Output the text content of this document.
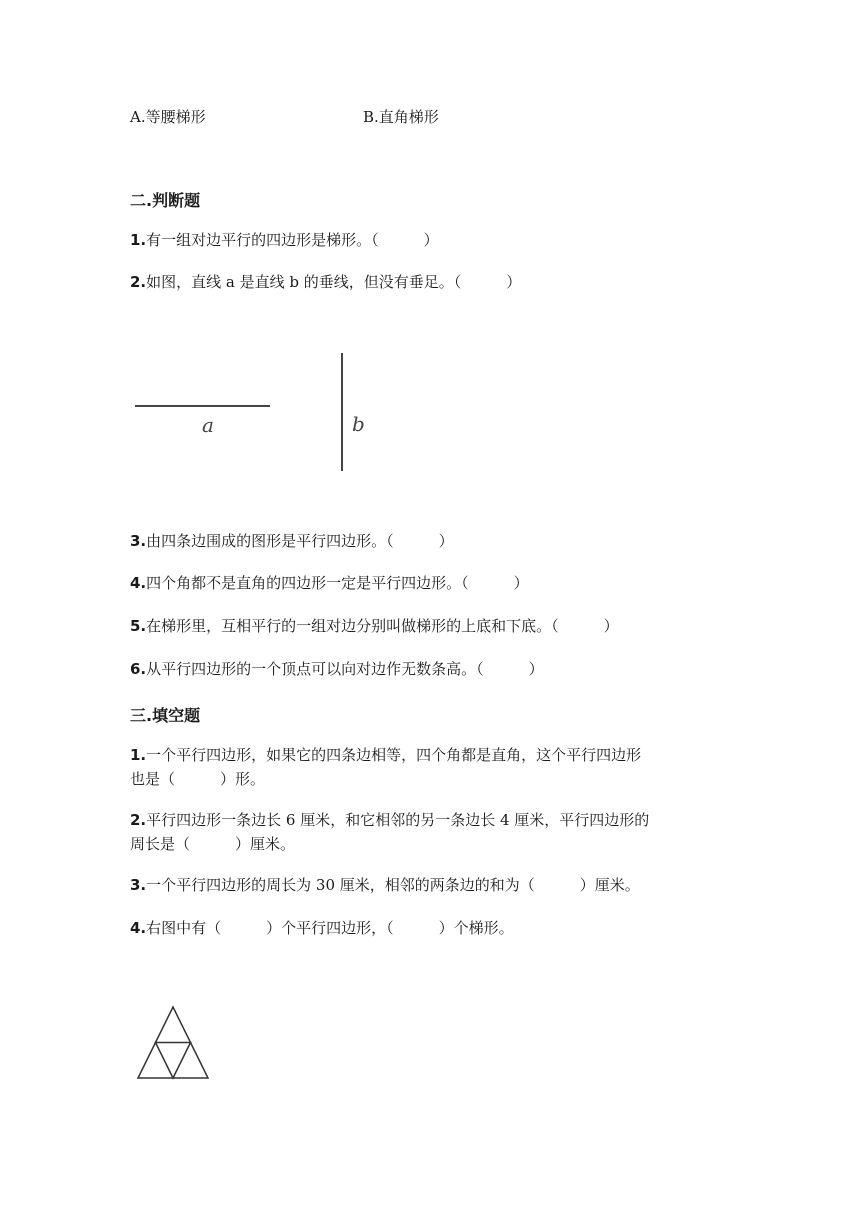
A.等腰梯形	B.直角梯形
二.判断题
1.有一组对边平行的四边形是梯形。（　　　）
2.如图，直线 a 是直线 b 的垂线，但没有垂足。（　　　）
a	b
3.由四条边围成的图形是平行四边形。（　　　）
4.四个角都不是直角的四边形一定是平行四边形。（　　　）
5.在梯形里，互相平行的一组对边分别叫做梯形的上底和下底。（　　　）
6.从平行四边形的一个顶点可以向对边作无数条高。（　　　）
三.填空题
1.一个平行四边形，如果它的四条边相等，四个角都是直角，这个平行四边形
也是（　　　）形。
2.平行四边形一条边长 6 厘米，和它相邻的另一条边长 4 厘米，平行四边形的
周长是（　　　）厘米。
3.一个平行四边形的周长为 30 厘米，相邻的两条边的和为（　　　）厘米。
4.右图中有（　　　）个平行四边形，（　　　）个梯形。
